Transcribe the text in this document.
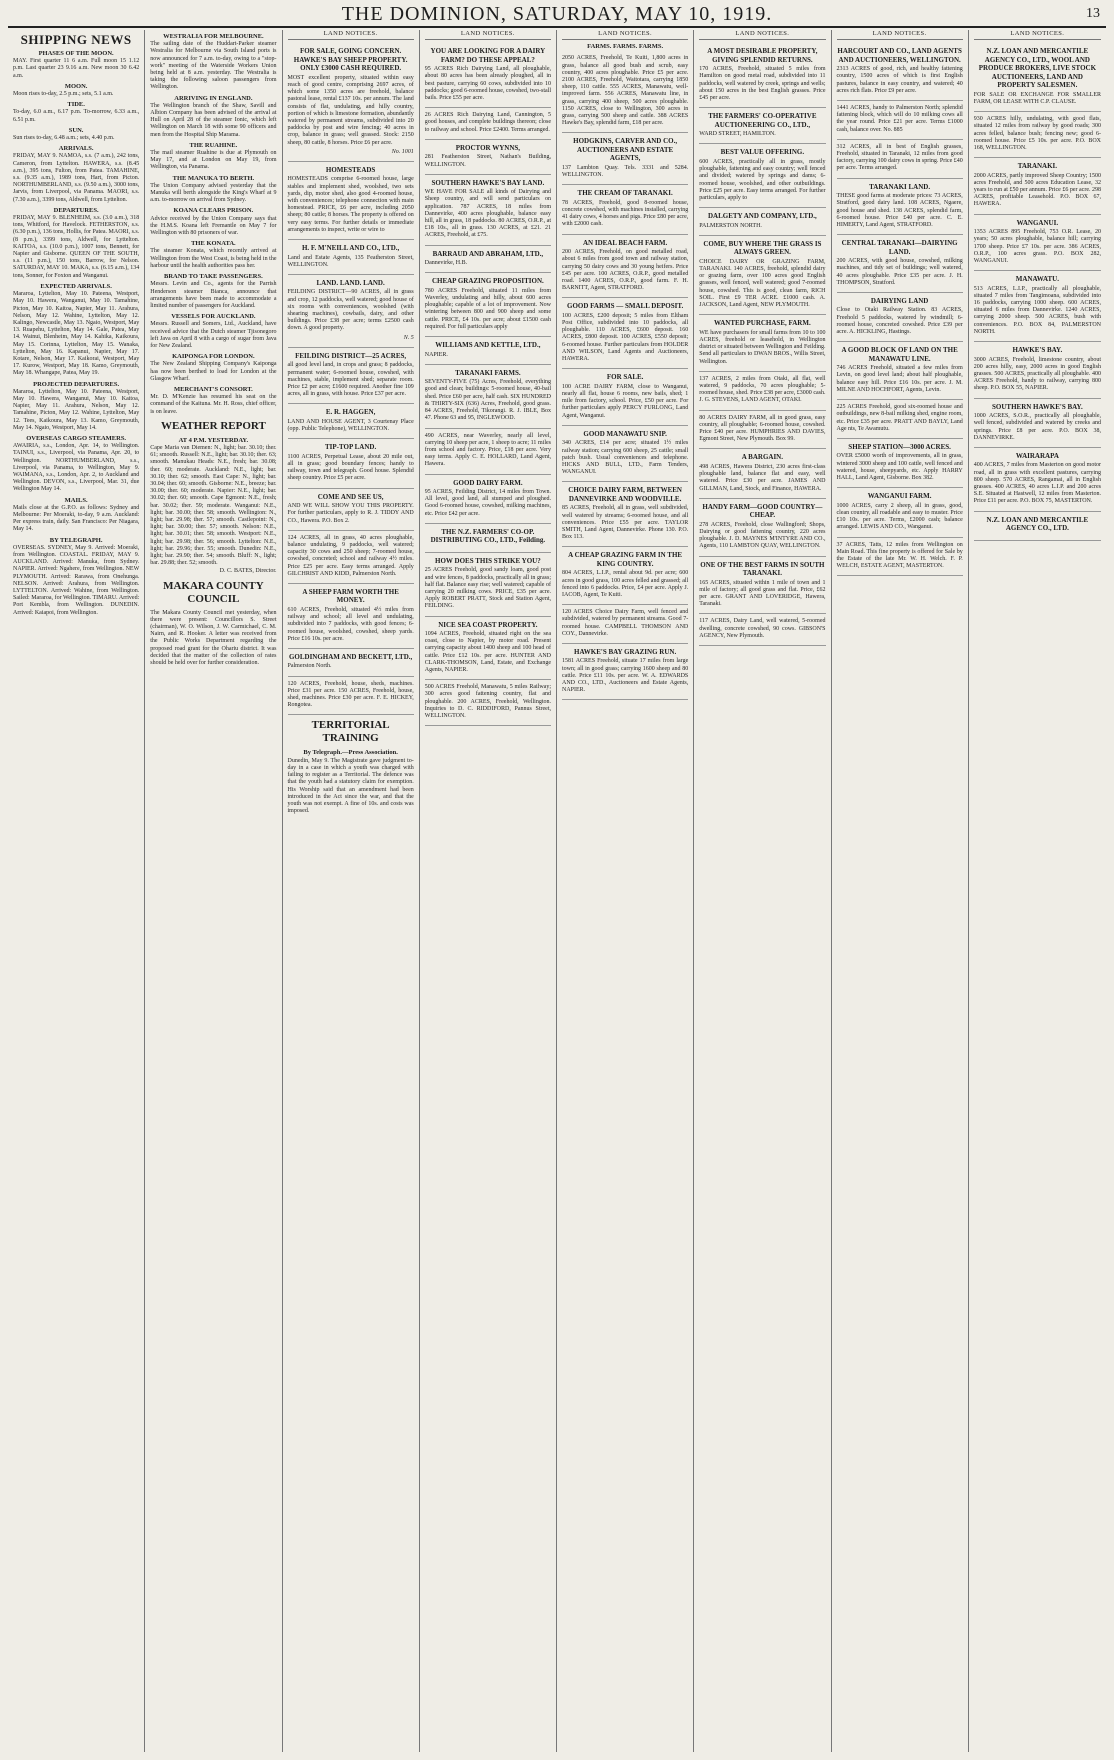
THE DOMINION, SATURDAY, MAY 10, 1919.	13
SHIPPING NEWS
PHASES OF THE MOON.
MAY. First quarter 11 6 a.m. Full moon 15 1.12 p.m. Last quarter 23 9.16 a.m. New moon 30 6.42 a.m.
MOON.
Moon rises to-day, 2.5 p.m.; sets, 5.1 a.m.
TIDE.
To-day, 6.0 a.m., 6.17 p.m. To-morrow, 6.33 a.m., 6.51 p.m.
SUN.
Sun rises to-day, 6.48 a.m.; sets, 4.40 p.m.
ARRIVALS.
FRIDAY, MAY 9. NAMOA, s.s. (7 a.m.), 242 tons, Cameron, from Lyttelton. HAWERA, s.s. (8.45 a.m.), 395 tons, Fulton, from Patea. TAMAHINE, s.s. (9.35 a.m.), 1989 tons, Hart, from Picton. NORTHUMBERLAND, s.s. (9.50 a.m.), 3000 tons, Jarvis, from Liverpool, via Panama. MAORI, s.s. (7.30 a.m.), 3399 tons, Aldwell, from Lyttelton.
DEPARTURES.
FRIDAY, MAY 9. BLENHEIM, s.s. (3.0 a.m.), 318 tons, Whitford, for Havelock. FETHERSTON, s.s. (6.30 p.m.), 136 tons, Hollis, for Patea. MAORI, s.s. (8 p.m.), 3399 tons, Aldwell, for Lyttelton. KAITOA, s.s. (10.0 p.m.), 1007 tons, Bennett, for Napier and Gisborne. QUEEN OF THE SOUTH, s.s. (11 p.m.), 150 tons, Barrow, for Nelson. SATURDAY, MAY 10. MAKA, s.s. (6.15 a.m.), 134 tons, Sonner, for Foxton and Wanganui.
EXPECTED ARRIVALS.
Mararoa, Lyttelton, May 10. Pateena, Westport, May 10. Hawera, Wanganui, May 10. Tamahine, Picton, May 10. Kaitoa, Napier, May 11. Arahura, Nelson, May 12. Wahine, Lyttelton, May 12. Kalingo, Newcastle, May 13. Ngaio, Westport, May 13. Ruapehu, Lyttelton, May 14. Gale, Patea, May 14. Wainui, Blenheim, May 14. Kahika, Kaikoura, May 15. Corinna, Lyttelton, May 15. Wanaka, Lyttelton, May 16. Kapanui, Napier, May 17. Kotare, Nelson, May 17. Kaikorai, Westport, May 17. Kurow, Westport, May 18. Kamo, Greymouth, May 18. Whangape, Patea, May 19.
PROJECTED DEPARTURES.
Mararoa, Lyttelton, May 10. Pateena, Westport, May 10. Hawera, Wanganui, May 10. Kaitoa, Napier, May 11. Arahura, Nelson, May 12. Tamahine, Picton, May 12. Wahine, Lyttelton, May 12. Tees, Kaikoura, May 13. Kamo, Greymouth, May 14. Ngaio, Westport, May 14.
OVERSEAS CARGO STEAMERS.
AWAIRIA, s.s., London, Apr. 14, to Wellington. TAINUI, s.s., Liverpool, via Panama, Apr. 20, to Wellington. NORTHUMBERLAND, s.s., Liverpool, via Panama, to Wellington, May 9. WAIMANA, s.s., London, Apr. 2, to Auckland and Wellington. DEVON, s.s., Liverpool, Mar. 31, due Wellington May 14.
MAILS.
Mails close at the G.P.O. as follows: Sydney and Melbourne: Per Moeraki, to-day, 9 a.m. Auckland: Per express train, daily. San Francisco: Per Niagara, May 14.
BY TELEGRAPH.
OVERSEAS. SYDNEY, May 9. Arrived: Moeraki, from Wellington. COASTAL. FRIDAY, MAY 9. AUCKLAND. Arrived: Manuka, from Sydney. NAPIER. Arrived: Ngahere, from Wellington. NEW PLYMOUTH. Arrived: Rarawa, from Onehunga. NELSON. Arrived: Arahura, from Wellington. LYTTELTON. Arrived: Wahine, from Wellington. Sailed: Mararoa, for Wellington. TIMARU. Arrived: Port Kembla, from Wellington. DUNEDIN. Arrived: Kaiapoi, from Wellington.
WESTRALIA FOR MELBOURNE.
The sailing date of the Huddart-Parker steamer Westralia for Melbourne via South Island ports is now announced for 7 a.m. to-day, owing to a "stop-work" meeting of the Waterside Workers Union being held at 8 a.m. yesterday. The Westralia is taking the following saloon passengers from Wellington.
ARRIVING IN ENGLAND.
The Wellington branch of the Shaw, Savill and Albion Company has been advised of the arrival at Hull on April 28 of the steamer Ionic, which left Wellington on March 18 with some 90 officers and men from the Hospital Ship Marama.
THE RUAHINE.
The mail steamer Ruahine is due at Plymouth on May 17, and at London on May 19, from Wellington, via Panama.
THE MANUKA TO BERTH.
The Union Company advised yesterday that the Manuka will berth alongside the King's Wharf at 9 a.m. to-morrow on arrival from Sydney.
KOANA CLEARS PRISON.
Advice received by the Union Company says that the H.M.S. Koana left Fremantle on May 7 for Wellington with 80 prisoners of war.
THE KONATA.
The steamer Konata, which recently arrived at Wellington from the West Coast, is being held in the harbour until the health authorities pass her.
BRAND TO TAKE PASSENGERS.
Messrs. Levin and Co., agents for the Parrish Henderson steamer Bianca, announce that arrangements have been made to accommodate a limited number of passengers for Auckland.
VESSELS FOR AUCKLAND.
Messrs. Russell and Somers, Ltd., Auckland, have received advice that the Dutch steamer Tjisonegoro left Java on April 8 with a cargo of sugar from Java for New Zealand.
KAIPONGA FOR LONDON.
The New Zealand Shipping Company's Kaiponga has now been berthed to load for London at the Glasgow Wharf.
MERCHANT'S CONSORT.
Mr. D. M'Kenzie has resumed his seat on the command of the Kaituna. Mr. H. Ross, chief officer, is on leave.
WEATHER REPORT
AT 4 P.M. YESTERDAY.
Cape Maria van Diemen: N., light; bar. 30.10; ther. 61; smooth. Russell: N.E., light; bar. 30.10; ther. 63; smooth. Manukau Heads: N.E., fresh; bar. 30.08; ther. 60; moderate. Auckland: N.E., light; bar. 30.10; ther. 62; smooth. East Cape: N., light; bar. 30.04; ther. 60; smooth. Gisborne: N.E., breeze; bar. 30.00; ther. 60; moderate. Napier: N.E., light; bar. 30.02; ther. 60; smooth. Cape Egmont: N.E., fresh; bar. 30.02; ther. 59; moderate. Wanganui: N.E., light; bar. 30.00; ther. 58; smooth. Wellington: N., light; bar. 29.98; ther. 57; smooth. Castlepoint: N., light; bar. 30.00; ther. 57; smooth. Nelson: N.E., light; bar. 30.01; ther. 58; smooth. Westport: N.E., light; bar. 29.98; ther. 56; smooth. Lyttelton: N.E., light; bar. 29.96; ther. 55; smooth. Dunedin: N.E., light; bar. 29.90; ther. 54; smooth. Bluff: N., light; bar. 29.88; ther. 52; smooth.
D. C. BATES, Director.
MAKARA COUNTY COUNCIL
The Makara County Council met yesterday, when there were present: Councillors S. Street (chairman), W. O. Wilson, J. W. Carmichael, C. M. Nairn, and R. Hooker. A letter was received from the Public Works Department regarding the proposed road grant for the Ohariu district. It was decided that the matter of the collection of rates should be held over for further consideration.
LAND NOTICES.
FOR SALE, GOING CONCERN. HAWKE'S BAY SHEEP PROPERTY. ONLY £3000 CASH REQUIRED.
MOST excellent property, situated within easy reach of good centre, comprising 2697 acres, of which some 1350 acres are freehold, balance pastoral lease, rental £137 10s. per annum. The land consists of flat, undulating, and hilly country, portion of which is limestone formation, abundantly watered by permanent streams, subdivided into 20 paddocks by post and wire fencing; 40 acres in crop, balance in grass; well grassed. Stock: 2150 sheep, 80 cattle, 8 horses. Price £6 per acre.
No. 1001
HOMESTEADS
HOMESTEADS comprise 6-roomed house, large stables and implement shed, woolshed, two sets yards, dip, motor shed, also good 4-roomed house, with conveniences; telephone connection with main homestead. PRICE, £6 per acre, including 2050 sheep; 80 cattle; 8 horses. The property is offered on very easy terms. For further details or immediate arrangements to inspect, write or wire to
H. F. M'NEILL AND CO., LTD.,
Land and Estate Agents, 135 Featherston Street, WELLINGTON.
LAND. LAND. LAND.
FEILDING DISTRICT—90 ACRES, all in grass and crop, 12 paddocks, well watered; good house of six rooms with conveniences, woolshed (with shearing machines), cowbails, dairy, and other buildings. Price £38 per acre; terms £2500 cash down. A good property.
N. 5
FEILDING DISTRICT—25 ACRES,
all good level land, in crops and grass; 8 paddocks, permanent water; 6-roomed house, cowshed, with machines, stable, implement shed; separate room. Price £2 per acre; £1600 required. Another fine 109 acres, all in grass, with house. Price £37 per acre.
E. R. HAGGEN,
LAND AND HOUSE AGENT, 3 Courtenay Place (opp. Public Telephone), WELLINGTON.
TIP-TOP LAND.
1100 ACRES, Perpetual Lease, about 20 mile out, all in grass; good boundary fences; handy to railway, town and telegraph. Good house. Splendid sheep country. Price £5 per acre.
COME AND SEE US,
AND WE WILL SHOW YOU THIS PROPERTY. For further particulars, apply to R. J. TIDDY AND CO., Hawera. P.O. Box 2.
124 ACRES, all in grass, 40 acres ploughable, balance undulating, 9 paddocks, well watered; capacity 30 cows and 250 sheep; 7-roomed house, cowshed, concreted; school and railway 4½ miles. Price £25 per acre. Easy terms arranged. Apply GILCHRIST AND KIDD, Palmerston North.
A SHEEP FARM WORTH THE MONEY.
610 ACRES, Freehold, situated 4½ miles from railway and school; all level and undulating, subdivided into 7 paddocks, with good fences; 6-roomed house, woolshed, cowshed, sheep yards. Price £16 10s. per acre.
GOLDINGHAM AND BECKETT, LTD.,
Palmerston North.
120 ACRES, Freehold, house, sheds, machines. Price £31 per acre. 150 ACRES, Freehold, house, shed, machines. Price £30 per acre. F. E. HICKEY, Rongotea.
TERRITORIAL TRAINING
By Telegraph.—Press Association.
Dunedin, May 9. The Magistrate gave judgment to-day in a case in which a youth was charged with failing to register as a Territorial. The defence was that the youth had a statutory claim for exemption. His Worship said that an amendment had been introduced in the Act since the war, and that the youth was not exempt. A fine of 10s. and costs was imposed.
LAND NOTICES.
YOU ARE LOOKING FOR A DAIRY FARM? DO THESE APPEAL?
95 ACRES Rich Dairying Land, all ploughable, about 80 acres has been already ploughed, all in best pasture, carrying 60 cows, subdivided into 10 paddocks; good 6-roomed house, cowshed, two-stall bails. Price £55 per acre.
26 ACRES Rich Dairying Land, Cannington, 5 good houses, and complete buildings thereon; close to railway and school. Price £2400. Terms arranged.
PROCTOR WYNNS,
281 Featherston Street, Nathan's Building, WELLINGTON.
SOUTHERN HAWKE'S BAY LAND.
WE HAVE FOR SALE all kinds of Dairying and Sheep country, and will send particulars on application. 787 ACRES, 18 miles from Dannevirke, 400 acres ploughable, balance easy hill, all in grass, 18 paddocks. 80 ACRES, O.R.P., at £18 10s., all in grass. 130 ACRES, at £21. 21 ACRES, Freehold, at £75.
BARRAUD AND ABRAHAM, LTD.,
Dannevirke, H.B.
CHEAP GRAZING PROPOSITION.
780 ACRES Freehold, situated 11 miles from Waverley, undulating and hilly, about 600 acres ploughable; capable of a lot of improvement. Now wintering between 800 and 900 sheep and some cattle. PRICE, £4 10s. per acre; about £1500 cash required. For full particulars apply
WILLIAMS AND KETTLE, LTD.,
NAPIER.
TARANAKI FARMS.
SEVENTY-FIVE (75) Acres, Freehold, everything good and clean; buildings: 5-roomed house, 40-bail shed. Price £60 per acre, half cash. SIX HUNDRED & THIRTY-SIX (636) Acres, Freehold, good grass. 84 ACRES, Freehold, Tikorangi. R. J. IBLE, Box 47. Phone 63 and 95, INGLEWOOD.
490 ACRES, near Waverley, nearly all level, carrying 10 sheep per acre, 1 sheep to acre; 11 miles from school and factory. Price, £18 per acre. Very easy terms. Apply C. E. HOLLARD, Land Agent, Hawera.
GOOD DAIRY FARM.
95 ACRES, Feilding District, 14 miles from Town. All level, good land, all stumped and ploughed. Good 6-roomed house, cowshed, milking machines, etc. Price £42 per acre.
THE N.Z. FARMERS' CO-OP. DISTRIBUTING CO., LTD., Feilding.
HOW DOES THIS STRIKE YOU?
25 ACRES Freehold, good sandy loam, good post and wire fences, 8 paddocks, practically all in grass; half flat. Balance easy rise; well watered; capable of carrying 20 milking cows. PRICE, £35 per acre. Apply ROBERT PRATT, Stock and Station Agent, FEILDING.
NICE SEA COAST PROPERTY.
1094 ACRES, Freehold, situated right on the sea coast, close to Napier, by motor road. Present carrying capacity about 1400 sheep and 100 head of cattle. Price £12 10s. per acre. HUNTER AND CLARK-THOMSON, Land, Estate, and Exchange Agents, NAPIER.
500 ACRES Freehold, Manawatu, 5 miles Railway; 300 acres good fattening country, flat and ploughable. 200 ACRES, Freehold, Wellington. Inquiries to D. C. RIDDIFORD, Pannus Street, WELLINGTON.
LAND NOTICES.
FARMS. FARMS. FARMS.
2050 ACRES, Freehold, Te Kuiti, 1,800 acres in grass, balance all good bush and scrub, easy country, 400 acres ploughable. Price £5 per acre. 2100 ACRES, Freehold, Waitotara, carrying 1850 sheep, 110 cattle. 555 ACRES, Manawatu, well-improved farm. 556 ACRES, Manawatu line, in grass, carrying 400 sheep, 500 acres ploughable. 1150 ACRES, close to Wellington, 300 acres in grass, carrying 500 sheep and cattle. 388 ACRES Hawke's Bay, splendid farm, £18 per acre.
HODGKINS, CARVER AND CO., AUCTIONEERS AND ESTATE AGENTS,
137 Lambton Quay. Tels. 3331 and 5284. WELLINGTON.
THE CREAM OF TARANAKI.
78 ACRES, Freehold, good 8-roomed house, concrete cowshed, with machines installed, carrying 41 dairy cows, 4 horses and pigs. Price £80 per acre, with £2000 cash.
AN IDEAL BEACH FARM.
200 ACRES, Freehold, on good metalled road, about 6 miles from good town and railway station, carrying 50 dairy cows and 30 young heifers. Price £45 per acre. 100 ACRES, O.R.P., good metalled road. 1400 ACRES, O.R.P., good farm. F. H. BARNITT, Agent, STRATFORD.
GOOD FARMS — SMALL DEPOSIT.
100 ACRES, £200 deposit; 5 miles from Eltham Post Office, subdivided into 10 paddocks, all ploughable. 110 ACRES, £600 deposit. 160 ACRES, £800 deposit. 100 ACRES, £550 deposit; 6-roomed house. Further particulars from HOLDER AND WILSON, Land Agents and Auctioneers, HAWERA.
FOR SALE.
100 ACRE DAIRY FARM, close to Wanganui, nearly all flat, house 6 rooms, new bails, shed; 1 mile from factory, school. Price, £50 per acre. For further particulars apply PERCY FURLONG, Land Agent, Wanganui.
GOOD MANAWATU SNIP.
340 ACRES, £14 per acre; situated 1½ miles railway station; carrying 600 sheep, 25 cattle; small patch bush. Usual conveniences and telephone. HICKS AND BULL, LTD., Farm Tenders, WANGANUI.
CHOICE DAIRY FARM, BETWEEN DANNEVIRKE AND WOODVILLE.
85 ACRES, Freehold, all in grass, well subdivided, well watered by streams; 6-roomed house, and all conveniences. Price £55 per acre. TAYLOR SMITH, Land Agent, Dannevirke. Phone 130. P.O. Box 113.
A CHEAP GRAZING FARM IN THE KING COUNTRY.
804 ACRES, L.I.P., rental about 9d. per acre; 600 acres in good grass, 100 acres felled and grassed; all fenced into 6 paddocks. Price, £4 per acre. Apply J. IACOB, Agent, Te Kuiti.
120 ACRES Choice Dairy Farm, well fenced and subdivided, watered by permanent streams. Good 7-roomed house. CAMPBELL THOMSON AND COY., Dannevirke.
HAWKE'S BAY GRAZING RUN.
1581 ACRES Freehold, situate 17 miles from large town; all in good grass; carrying 1600 sheep and 80 cattle. Price £11 10s. per acre. W. A. EDWARDS AND CO., LTD., Auctioneers and Estate Agents, NAPIER.
LAND NOTICES.
A MOST DESIRABLE PROPERTY, GIVING SPLENDID RETURNS.
170 ACRES, Freehold, situated 5 miles from Hamilton on good metal road, subdivided into 11 paddocks, well watered by creek, springs and wells; about 150 acres in the best English grasses. Price £45 per acre.
THE FARMERS' CO-OPERATIVE AUCTIONEERING CO., LTD.,
WARD STREET, HAMILTON.
BEST VALUE OFFERING.
600 ACRES, practically all in grass, mostly ploughable, fattening and easy country; well fenced and divided; watered by springs and dams; 6-roomed house, woolshed, and other outbuildings. Price £25 per acre. Easy terms arranged. For further particulars, apply to
DALGETY AND COMPANY, LTD.,
PALMERSTON NORTH.
COME, BUY WHERE THE GRASS IS ALWAYS GREEN.
CHOICE DAIRY OR GRAZING FARM, TARANAKI. 140 ACRES, freehold, splendid dairy or grazing farm, over 100 acres good English grasses, well fenced, well watered; good 7-roomed house, cowshed. This is good, clean farm, RICH SOIL. First £9 TER ACRE. £1000 cash. A. JACKSON, Land Agent, NEW PLYMOUTH.
WANTED PURCHASE, FARM.
WE have purchasers for small farms from 10 to 100 ACRES, freehold or leasehold, in Wellington district or situated between Wellington and Feilding. Send all particulars to DWAN BROS., Willis Street, Wellington.
137 ACRES, 2 miles from Otaki, all flat, well watered, 9 paddocks, 70 acres ploughable; 5-roomed house, shed. Price £38 per acre, £3000 cash. J. G. STEVENS, LAND AGENT, OTAKI.
80 ACRES DAIRY FARM, all in good grass, easy country, all ploughable; 6-roomed house, cowshed. Price £40 per acre. HUMPHRIES AND DAVIES, Egmont Street, New Plymouth. Box 99.
A BARGAIN.
498 ACRES, Hawera District, 230 acres first-class ploughable land, balance flat and easy, well watered. Price £30 per acre. JAMES AND GILLMAN, Land, Stock, and Finance, HAWERA.
HANDY FARM—GOOD COUNTRY—CHEAP.
278 ACRES, Freehold, close Wallingford; Shops, Dairying or good fattening country, 220 acres ploughable. J. D. MAYNES M'INTYRE AND CO., Agents, 110 LAMBTON QUAY, WELLINGTON.
ONE OF THE BEST FARMS IN SOUTH TARANAKI.
165 ACRES, situated within 1 mile of town and 1 mile of factory; all good grass and flat. Price, £62 per acre. GRANT AND LOVERIDGE, Hawera, Taranaki.
117 ACRES, Dairy Land, well watered, 5-roomed dwelling, concrete cowshed, 90 cows. GIBSON'S AGENCY, New Plymouth.
LAND NOTICES.
HARCOURT AND CO., LAND AGENTS AND AUCTIONEERS, WELLINGTON.
2313 ACRES of good, rich, and healthy fattening country, 1500 acres of which is first English pastures, balance in easy country, and watered; 40 acres rich flats. Price £9 per acre.
1441 ACRES, handy to Palmerston North; splendid fattening block, which will do 10 milking cows all the year round. Price £21 per acre. Terms £1000 cash, balance over. No. 885
312 ACRES, all in best of English grasses, Freehold, situated in Taranaki, 12 miles from good factory, carrying 100 dairy cows in spring. Price £40 per acre. Terms arranged.
TARANAKI LAND.
THESE good farms at moderate prices: 73 ACRES, Stratford, good dairy land. 108 ACRES, Ngaere, good house and shed. 138 ACRES, splendid farm, 6-roomed house. Price £40 per acre. C. E. HIMERTY, Land Agent, STRATFORD.
CENTRAL TARANAKI—DAIRYING LAND.
200 ACRES, with good house, cowshed, milking machines, and tidy set of buildings; well watered, 40 acres ploughable. Price £35 per acre. J. H. THOMPSON, Stratford.
DAIRYING LAND
Close to Otaki Railway Station. 83 ACRES, Freehold 5 paddocks, watered by windmill; 6-roomed house, concreted cowshed. Price £39 per acre. A. HICKLING, Hastings.
A GOOD BLOCK OF LAND ON THE MANAWATU LINE.
746 ACRES Freehold, situated a few miles from Levin, on good level land; about half ploughable, balance easy hill. Price £16 10s. per acre. J. M. MILNE AND HOCHFORT, Agents, Levin.
225 ACRES Freehold, good six-roomed house and outbuildings, new 8-bail milking shed, engine room, etc. Price £35 per acre. PRATT AND BAYLY, Land Age nts, Te Awamutu.
SHEEP STATION—3000 ACRES.
OVER £5000 worth of improvements, all in grass, wintered 3000 sheep and 100 cattle, well fenced and watered, house, sheepyards, etc. Apply HARRY HALL, Land Agent, Gisborne. Box 382.
WANGANUI FARM.
1000 ACRES, carry 2 sheep, all in grass, good, clean country, all roadable and easy to muster. Price £10 10s. per acre. Terms, £2000 cash; balance arranged. LEWIS AND CO., Wanganui.
37 ACRES, Tatts, 12 miles from Wellington on Main Road. This fine property is offered for Sale by the Estate of the late Mr. W. H. Welch. F. P. WELCH, ESTATE AGENT, MASTERTON.
LAND NOTICES.
N.Z. LOAN AND MERCANTILE AGENCY CO., LTD., WOOL AND PRODUCE BROKERS, LIVE STOCK AUCTIONEERS, LAND AND PROPERTY SALESMEN.
FOR SALE OR EXCHANGE FOR SMALLER FARM, OR LEASE WITH C.P. CLAUSE.
930 ACRES hilly, undulating, with good flats, situated 12 miles from railway by good roads; 300 acres felled, balance bush; fencing new; good 6-roomed house. Price £5 10s. per acre. P.O. BOX 168, WELLINGTON.
TARANAKI.
2000 ACRES, partly improved Sheep Country; 1500 acres Freehold, and 500 acres Education Lease, 32 years to run at £50 per annum. Price £6 per acre. 298 ACRES, profitable Leasehold. P.O. BOX 67, HAWERA.
WANGANUI.
1353 ACRES 895 Freehold, 753 O.R. Lease, 20 years; 50 acres ploughable, balance hill; carrying 1700 sheep. Price £7 10s. per acre. 386 ACRES, O.R.P., 100 acres grass. P.O. BOX 282, WANGANUI.
MANAWATU.
513 ACRES, L.I.P., practically all ploughable, situated 7 miles from Tangimoana, subdivided into 16 paddocks, carrying 1000 sheep. 600 ACRES, situated 6 miles from Dannevirke. 1240 ACRES, carrying 2000 sheep. 500 ACRES, bush with conveniences. P.O. BOX 84, PALMERSTON NORTH.
HAWKE'S BAY.
3000 ACRES, Freehold, limestone country, about 200 acres hilly, easy, 2000 acres in good English grasses. 500 ACRES, practically all ploughable. 400 ACRES Freehold, handy to railway, carrying 800 sheep. P.O. BOX 55, NAPIER.
SOUTHERN HAWKE'S BAY.
1000 ACRES, S.O.R., practically all ploughable, well fenced, subdivided and watered by creeks and springs. Price £8 per acre. P.O. BOX 38, DANNEVIRKE.
WAIRARAPA
400 ACRES, 7 miles from Masterton on good motor road, all in grass with excellent pastures, carrying 800 sheep. 570 ACRES, Rangamai, all in English grasses. 400 ACRES, 40 acres L.I.P. and 200 acres S.E. Situated at Hastwell, 12 miles from Masterton. Price £11 per acre. P.O. BOX 75, MASTERTON.
N.Z. LOAN AND MERCANTILE AGENCY CO., LTD.
